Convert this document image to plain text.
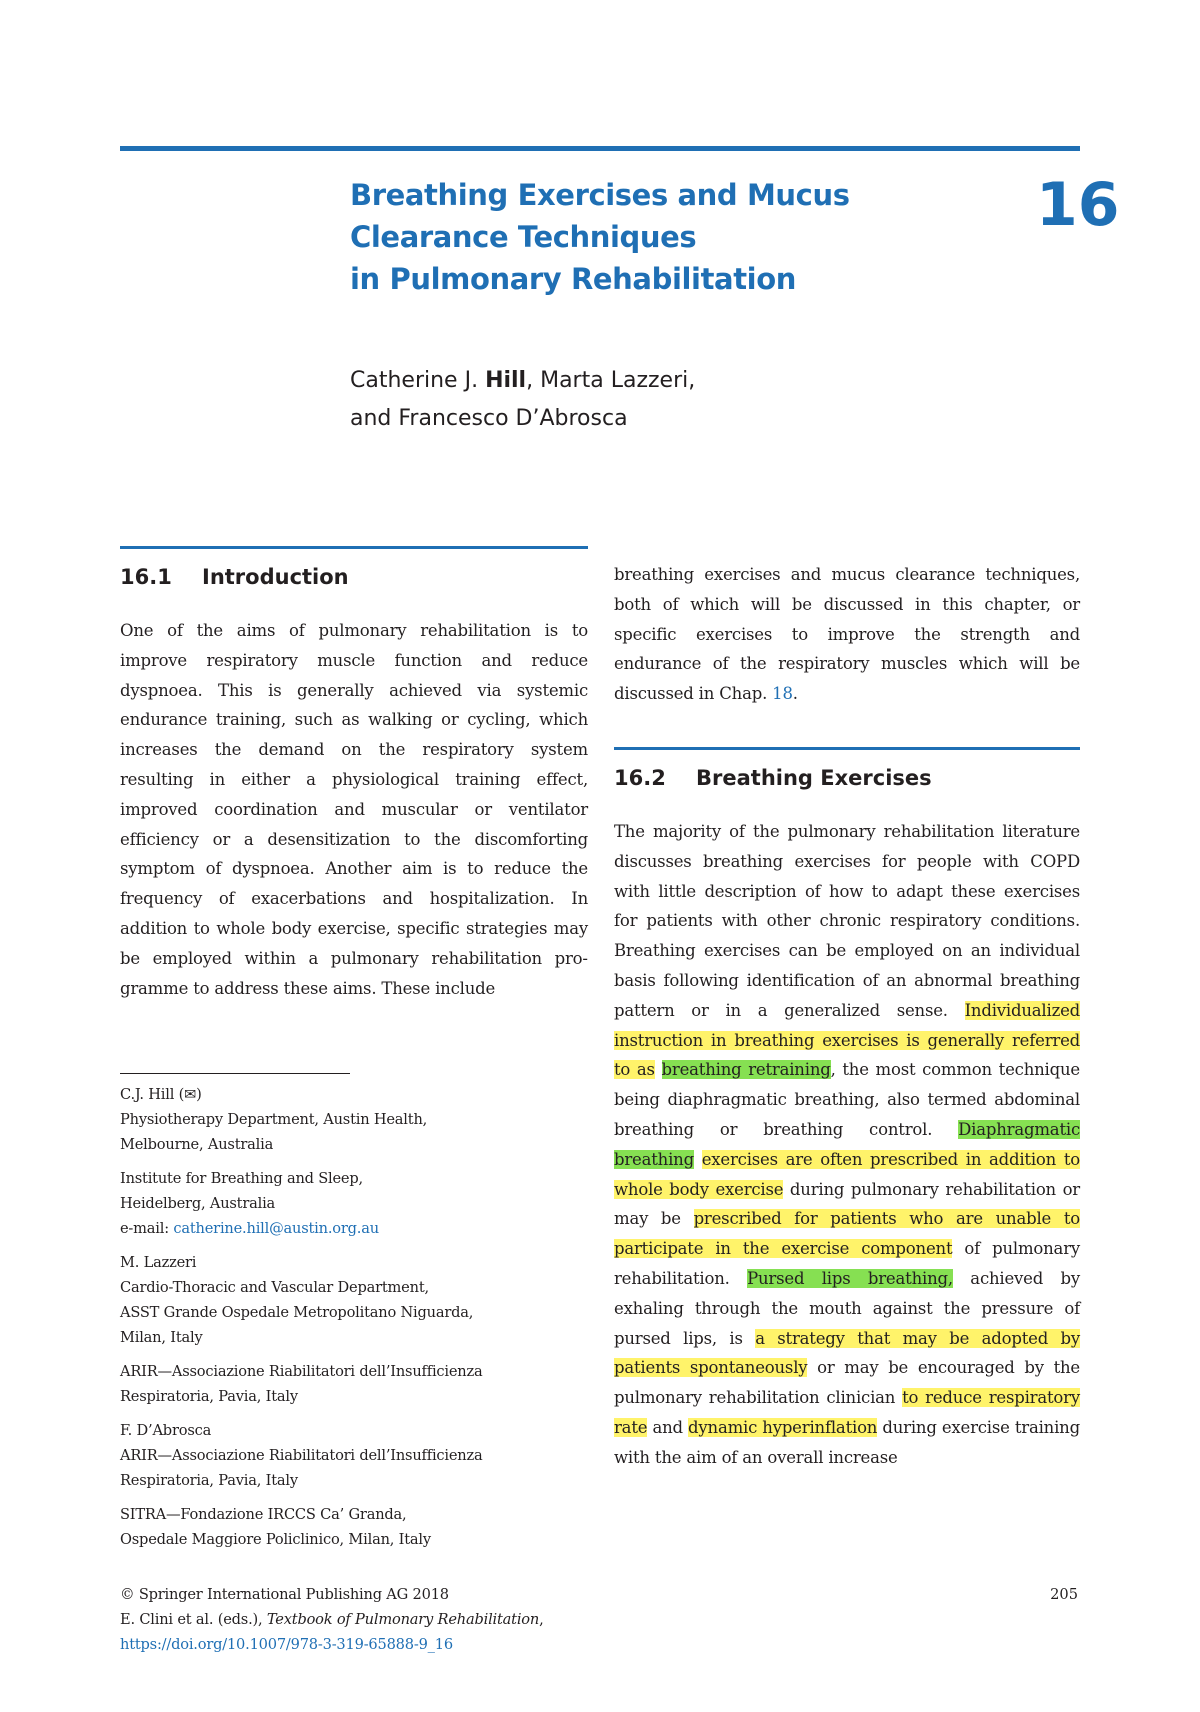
Breathing Exercises and Mucus
Clearance Techniques
in Pulmonary Rehabilitation
16
Catherine J. Hill, Marta Lazzeri,
and Francesco D’Abrosca
16.1 Introduction

One of the aims of pulmonary rehabilitation is to improve respiratory muscle function and reduce dyspnoea. This is generally achieved via systemic endurance training, such as walking or cycling, which increases the demand on the respiratory system resulting in either a physiological training effect, improved coordination and muscular or ventilator efficiency or a desensitization to the discomforting symptom of dyspnoea. Another aim is to reduce the frequency of exacerbations and hospitalization. In addition to whole body exercise, specific strategies may be employed within a pulmonary rehabilitation programme to address these aims. These include

breathing exercises and mucus clearance techniques, both of which will be discussed in this chapter, or specific exercises to improve the strength and endurance of the respiratory muscles which will be discussed in Chap. 18.

16.2 Breathing Exercises

The majority of the pulmonary rehabilitation literature discusses breathing exercises for people with COPD with little description of how to adapt these exercises for patients with other chronic respiratory conditions. Breathing exercises can be employed on an individual basis following identification of an abnormal breathing pattern or in a generalized sense. Individualized instruction in breathing exercises is generally referred to as breathing retraining, the most common technique being diaphragmatic breathing, also termed abdominal breathing or breathing control. Diaphragmatic breathing exercises are often prescribed in addition to whole body exercise during pulmonary rehabilitation or may be prescribed for patients who are unable to participate in the exercise component of pulmonary rehabilitation. Pursed lips breathing, achieved by exhaling through the mouth against the pressure of pursed lips, is a strategy that may be adopted by patients spontaneously or may be encouraged by the pulmonary rehabilitation clinician to reduce respiratory rate and dynamic hyperinflation during exercise training with the aim of an overall increase

C.J. Hill (✉)
Physiotherapy Department, Austin Health,
Melbourne, Australia
Institute for Breathing and Sleep,
Heidelberg, Australia
e-mail: catherine.hill@austin.org.au
M. Lazzeri
Cardio-Thoracic and Vascular Department,
ASST Grande Ospedale Metropolitano Niguarda,
Milan, Italy
ARIR—Associazione Riabilitatori dell’Insufficienza
Respiratoria, Pavia, Italy
F. D’Abrosca
ARIR—Associazione Riabilitatori dell’Insufficienza
Respiratoria, Pavia, Italy
SITRA—Fondazione IRCCS Ca’ Granda,
Ospedale Maggiore Policlinico, Milan, Italy
© Springer International Publishing AG 2018
E. Clini et al. (eds.), Textbook of Pulmonary Rehabilitation,
https://doi.org/10.1007/978-3-319-65888-9_16
205
